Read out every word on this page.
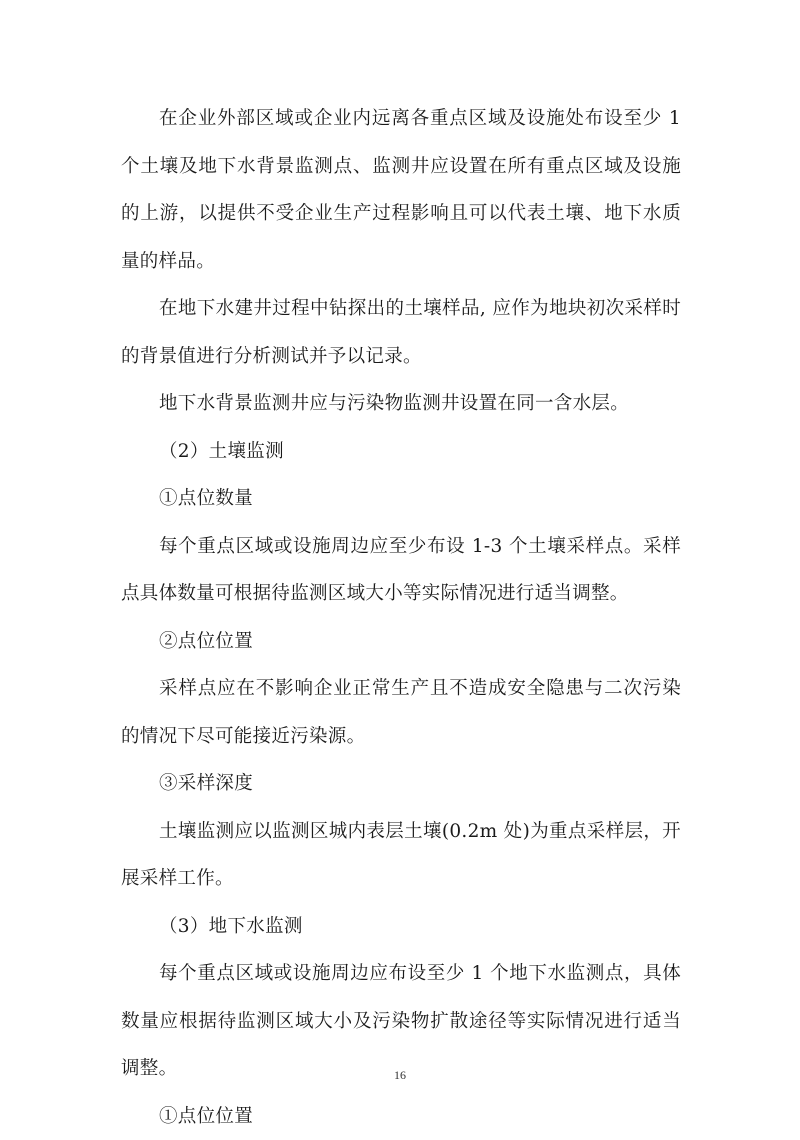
在企业外部区域或企业内远离各重点区域及设施处布设至少 1 个土壤及地下水背景监测点、监测井应设置在所有重点区域及设施的上游，以提供不受企业生产过程影响且可以代表土壤、地下水质量的样品。

在地下水建井过程中钻探出的土壤样品, 应作为地块初次采样时的背景值进行分析测试并予以记录。

地下水背景监测井应与污染物监测井设置在同一含水层。

（2）土壤监测

①点位数量

每个重点区域或设施周边应至少布设 1-3 个土壤采样点。采样点具体数量可根据待监测区域大小等实际情况进行适当调整。

②点位位置

采样点应在不影响企业正常生产且不造成安全隐患与二次污染的情况下尽可能接近污染源。

③采样深度

土壤监测应以监测区城内表层土壤(0.2m 处)为重点采样层，开展采样工作。

（3）地下水监测

每个重点区域或设施周边应布设至少 1 个地下水监测点，具体数量应根据待监测区域大小及污染物扩散途径等实际情况进行适当调整。

①点位位置

16
